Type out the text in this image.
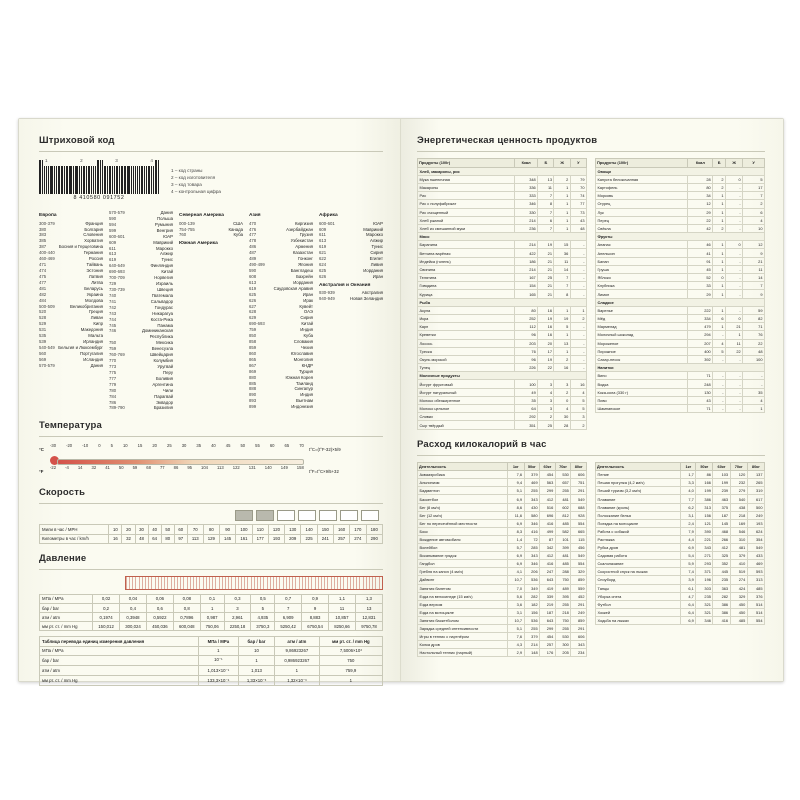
Штриховой код
1	2	3	4
8 410580 091752
1 – код страны
2 – код изготовителя
3 – код товара
4 – контрольная цифра
Европа
300-379	Франция
380	Болгария
383	Словения
385	Хорватия
387	Босния и Герцеговина
400-440	Германия
460-469	Россия
471	Тайвань
474	Эстония
475	Латвия
477	Литва
481	Беларусь
482	Украина
484	Молдова
500-509	Великобритания
520	Греция
528	Ливан
529	Кипр
531	Македония
535	Мальта
539	Ирландия
540-549 Бельгия и Люксембург
560	Португалия
569	Исландия
570-579	Дания
570-579	Дания
590	Польша
594	Румыния
599	Венгрия
600-601	ЮАР
609	Маврикий
611	Марокко
613	Алжир
619	Тунис
640-649	Финляндия
690-693	Китай
700-709	Норвегия
729	Израиль
730-739	Швеция
740	Гватемала
741	Сальвадор
742	Гондурас
743	Никарагуа
744	Коста-Рика
745	Панама
746	Доминиканская Республика
750	Мексика
759	Венесуэла
760-769	Швейцария
770	Колумбия
773	Уругвай
775	Перу
777	Боливия
779	Аргентина
780	Чили
784	Парагвай
786	Эквадор
789-790	Бразилия
Северная Америка
000-139	США
754-755	Канада
760	Куба
Южная Америка
Азия
470	Киргизия
476	Азербайджан
477	Грузия
478	Узбекистан
486	Армения
487	Казахстан
489	Гонконг
490-499	Япония
590	Бангладеш
608	Бахрейн
613	Иордания
619	Саудовская Аравия
625	Иран
626	Ирак
627	Кувейт
628	ОАЭ
629	Сирия
690-693	Китай
759	Индия
850	Куба
858	Словакия
859	Чехия
860	Югославия
865	Монголия
867	КНДР
869	Турция
880	Южная Корея
885	Таиланд
888	Сингапур
890	Индия
893	Вьетнам
899	Индонезия
Африка
600-601	ЮАР
609	Маврикий
611	Марокко
613	Алжир
619	Тунис
621	Сирия
622	Египет
624	Ливия
625	Иордания
626	Иран
Австралия и Океания
930-939	Австралия
940-949	Новая Зеландия
Температура
°C
-30 -20 -10 0 5 10 15 20 25 30 35 40 45 50 55 60 65 70
t°C=(t°F-32)×5/9
°F
-22 -4 14 32 41 50 59 68 77 86 95 104 113 122 131 140 149 158
t°F=t°C×9/5+32
Скорость
Мили в час / MPH	10	20	30	40	50	60	70	80	90	100	110	120	130	140	150	160	170	180
Километры в час / km/h	16	32	48	64	80	97	113	129	145	161	177	193	209	225	241	257	274	290
Давление
МПа / MPa	0,02	0,04	0,06	0,08	0,1	0,3	0,5	0,7	0,9	1,1	1,3
бар / bar	0,2	0,4	0,6	0,8	1	3	5	7	9	11	13
атм / atm	0,1974	0,3948	0,5922	0,7896	0,987	2,961	4,935	6,909	8,883	10,857	12,831
мм рт. ст. / mm Hg	150,012	300,024	450,036	600,048	750,06	2250,18	3750,3	5250,42	6750,54	8250,66	9750,78
Таблица перевода единиц измерения давления	МПа / MPa	бар / bar	атм / atm	мм рт. ст. / mm Hg
МПа / MPa	1	10	9,86923267	7,5006×10³
бар / bar	10⁻¹	1	0,986923267	750
атм / atm	1,013×10⁻¹	1,013	1	759,9
мм рт. ст. / mm Hg	133,3×10⁻⁶	1,33×10⁻³	1,32×10⁻³	1
Энергетическая ценность продуктов
Продукты (100г)	Ккал	Б	Ж	У
Хлеб, макароны, рис				
Мука пшеничная	348	13	2	79
Макароны	336	11	1	70
Рис	333	7	1	74
Рис с полуфабрикат	346	8	1	77
Рис очищенный	330	7	1	73
Хлеб ржаной	214	6	1	43
Хлеб из смешанной муки	236	7	1	48
Мясо				
Баранина	214	19	15	-
Ветчина варёная	422	21	36	-
Индейка (голень)	186	21	11	-
Свинина	214	21	14	-
Телятина	167	25	7	-
Говядина	154	21	7	-
Курица	165	21	8	-
Рыба				
Акула	80	16	1	1
Икра	252	19	19	2
Карп	112	16	5	-
Креветки	96	16	1	-
Лосось	203	20	13	-
Треска	76	17	1	-
Окунь морской	96	19	2	-
Тунец	226	22	16	-
Молочные продукты				
Йогурт фруктовый	100	3	3	16
Йогурт натуральный	49	4	2	4
Молоко обезжиренное	35	3	0	5
Молоко цельное	64	3	4	5
Сливки	292	2	30	3
Сыр твёрдый	351	25	28	2
Продукты (100г)	Ккал	Б	Ж	У
Овощи				
Капуста белокочанная	28	2	0	5
Картофель	80	2	-	17
Морковь	34	1	-	7
Огурец	12	1	-	2
Лук	29	1	-	6
Перец	22	1	-	4
Свёкла	42	2	-	10
Фрукты				
Ананас	46	1	0	12
Апельсин	41	1	-	9
Банан	91	1	-	21
Груша	45	1	-	11
Яблоко	52	0	-	14
Клубника	33	1	-	7
Лимон	29	1	-	9
Сладкое				
Варенье	222	1	-	59
Мёд	334	6	0	82
Мармелад	479	1	21	71
Молочный шоколад	294	-	1	76
Мороженое	207	4	11	22
Пирожное	400	5	22	48
Сахар-песок	392	-	-	100
Напитки				
Вино	71	-	-	-
Водка	248	-	-	-
Кока-кола (330 г)	130	-	-	35
Пиво	43	-	-	4
Шампанское	71	-	-	1
Расход килокалорий в час
Деятельность	1кг	50кг	60кг	70кг	80кг
Аквааэробика	7,6	379	454	530	606
Альпинизм	9,4	469	563	657	751
Бадминтон	5,1	255	299	255	291
Баскетбол	6,9	343	412	481	549
Бег (8 км/ч)	8,6	430	516	602	688
Бег (12 км/ч)	11,6	580	696	812	928
Бег по пересечённой местности	6,9	346	416	485	554
Бокс	8,3	416	499	582	665
Вождение автомобиля	1,4	72	87	101	115
Волейбол	5,7	285	342	399	456
Вскапывание грядок	6,9	343	412	481	549
Гандбол	6,9	346	416	485	554
Гребля на каноэ (4 км/ч)	4,1	206	247	288	329
Дайвинг	10,7	536	643	750	859
Занятия балетом	7,0	349	419	489	559
Езда на велосипеде (15 км/ч)	5,6	282	339	395	452
Езда верхом	3,6	182	219	255	291
Езда на мотоцикле	3,1	156	187	218	249
Занятия баскетболом	10,7	536	643	750	859
Зарядка средней интенсивности	5,1	255	299	255	291
Игры в теннис с партнёром	7,6	379	454	530	606
Колка дров	4,3	214	257	300	343
Настольный теннис (парный)	2,9	148	176	205	234
Деятельность	1кг	50кг	60кг	70кг	80кг
Пение	1,7	86	103	120	137
Пешая прогулка (4,2 км/ч)	3,3	166	199	232	265
Пеший туризм (3,2 км/ч)	4,0	199	239	279	319
Плавание	7,7	386	463	540	617
Плавание (кроль)	6,2	313	375	438	500
Полоскание белья	3,1	156	187	218	249
Поездка на мотоцикле	2,4	121	145	169	193
Работа с собакой	7,9	390	468	546	624
Растяжка	4,4	221	266	310	354
Рубка дров	6,9	343	412	481	549
Садовая работа	5,4	271	325	379	433
Скалолазание	5,9	293	352	410	469
Скоростной спуск на лыжах	7,4	371	445	519	593
Сноуборд	3,9	196	235	274	313
Танцы	6,1	303	363	424	485
Уборка снега	4,7	235	282	329	376
Футбол	6,4	321	386	450	514
Хоккей	6,4	321	386	450	514
Ходьба на лыжах	6,9	346	416	485	554
